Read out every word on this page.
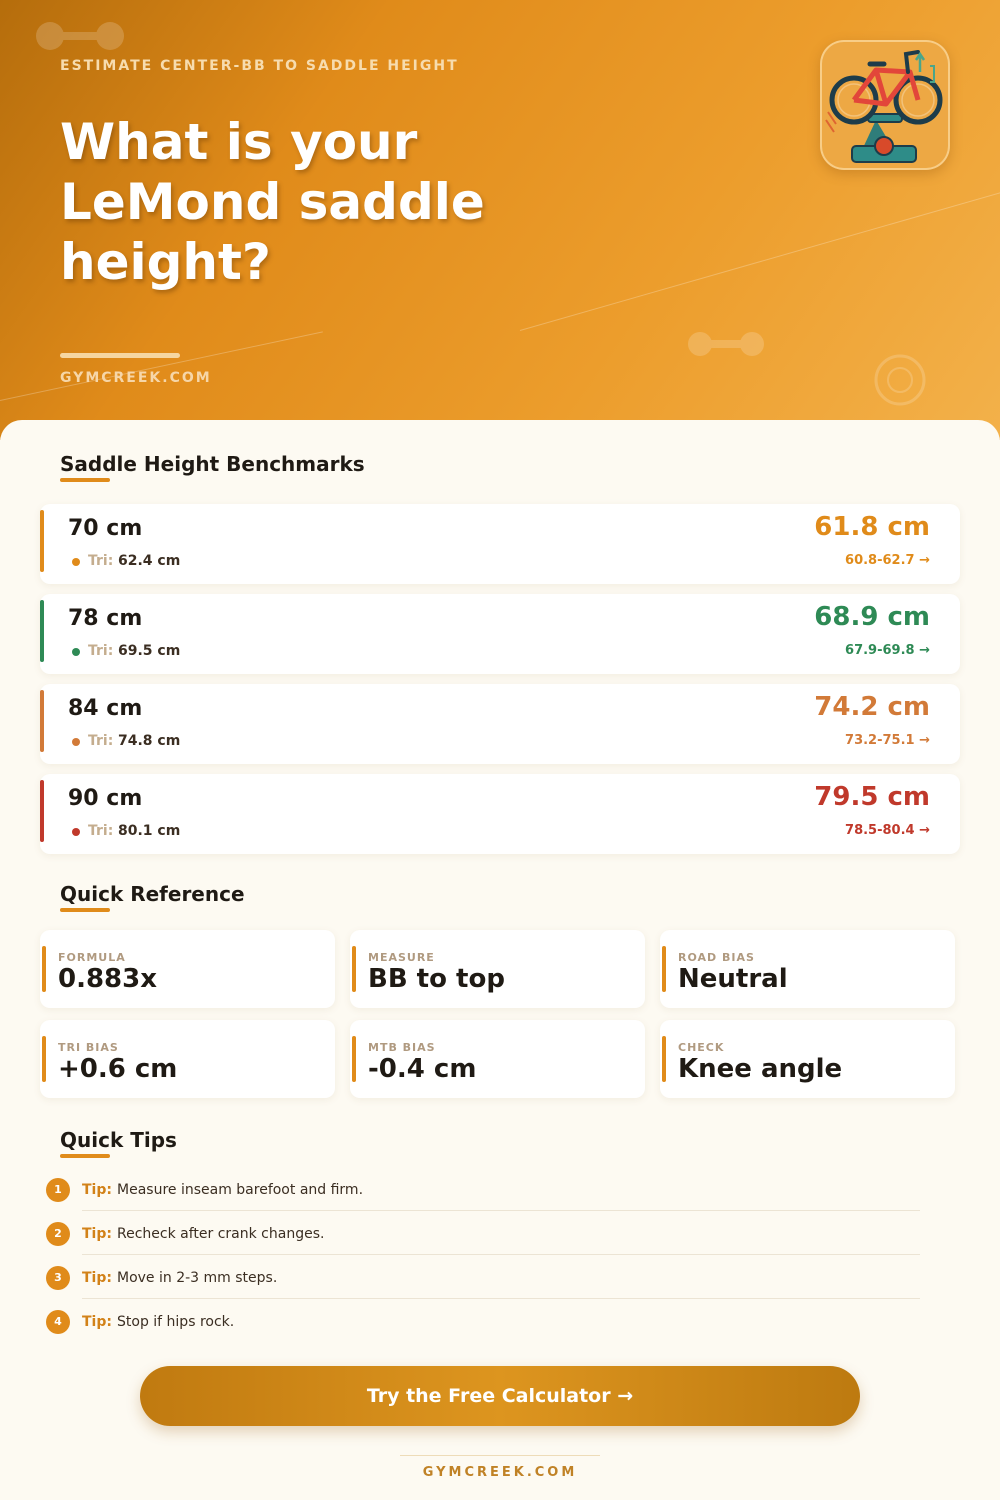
ESTIMATE CENTER-BB TO SADDLE HEIGHT
What is your LeMond saddle height?
GYMCREEK.COM
Saddle Height Benchmarks
70 cm
Tri: 62.4 cm
61.8 cm
60.8-62.7 →
78 cm
Tri: 69.5 cm
68.9 cm
67.9-69.8 →
84 cm
Tri: 74.8 cm
74.2 cm
73.2-75.1 →
90 cm
Tri: 80.1 cm
79.5 cm
78.5-80.4 →
Quick Reference
FORMULA
0.883x
MEASURE
BB to top
ROAD BIAS
Neutral
TRI BIAS
+0.6 cm
MTB BIAS
-0.4 cm
CHECK
Knee angle
Quick Tips
1	Tip: Measure inseam barefoot and firm.
2	Tip: Recheck after crank changes.
3	Tip: Move in 2-3 mm steps.
4	Tip: Stop if hips rock.
Try the Free Calculator →
GYMCREEK.COM
